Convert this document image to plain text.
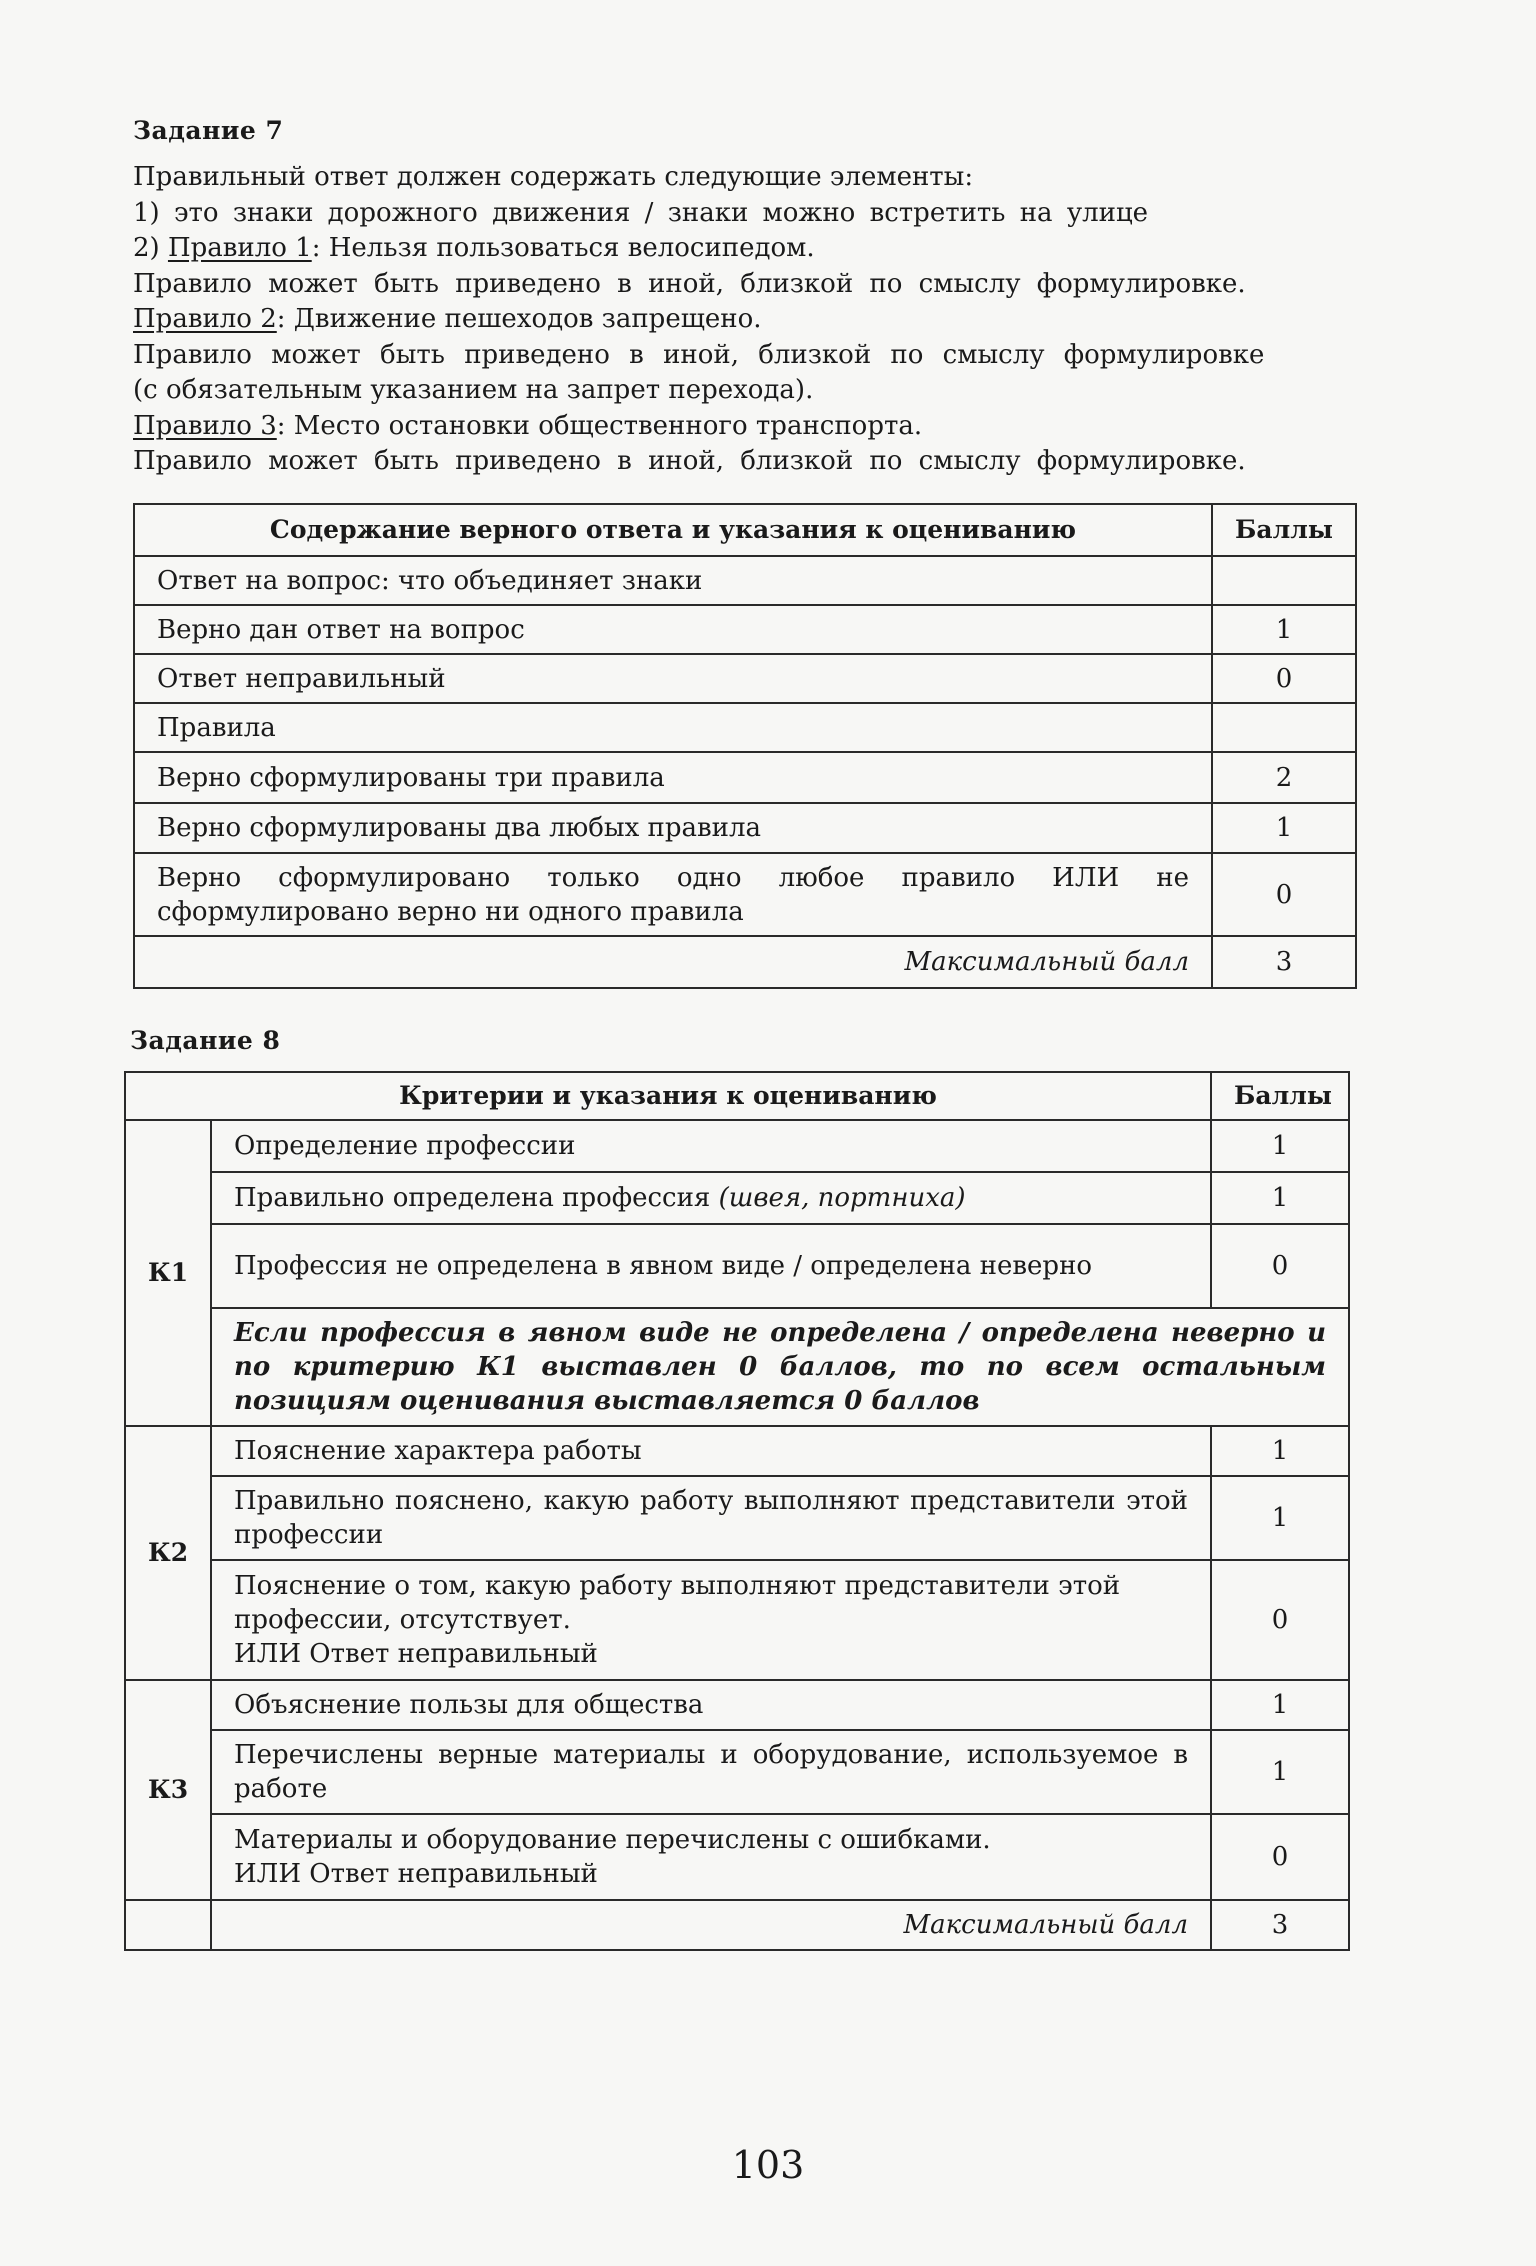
Задание 7
Правильный ответ должен содержать следующие элементы:
1) это знаки дорожного движения / знаки можно встретить на улице
2) Правило 1 : Нельзя пользоваться велосипедом.
Правило может быть приведено в иной, близкой по смыслу формулировке.
Правило 2 : Движение пешеходов запрещено.
Правило может быть приведено в иной, близкой по смыслу формулировке
(с обязательным указанием на запрет перехода).
Правило 3 : Место остановки общественного транспорта.
Правило может быть приведено в иной, близкой по смыслу формулировке.
Содержание верного ответа и указания к оцениванию	Баллы
Ответ на вопрос: что объединяет знаки	
Верно дан ответ на вопрос	1
Ответ неправильный	0
Правила	
Верно сформулированы три правила	2
Верно сформулированы два любых правила	1
Верно сформулировано только одно любое правило ИЛИ не сформулировано верно ни одного правила	0
Максимальный балл	3
Задание 8
Критерии и указания к оцениванию		Баллы
К1	Определение профессии	1
	Правильно определена профессия (швея, портниха)	1
	Профессия не определена в явном виде / определена неверно	0
	Если профессия в явном виде не определена / определена неверно и по критерию К1 выставлен 0 баллов, то по всем остальным позициям оценивания выставляется 0 баллов	
К2	Пояснение характера работы	1
	Правильно пояснено, какую работу выполняют представители этой профессии	1

	Пояснение о том, какую работу выполняют представители этой профессии, отсутствует.
ИЛИ Ответ неправильный	0
К3	Объяснение пользы для общества	1
	Перечислены верные материалы и оборудование, используемое в работе	1

	Материалы и оборудование перечислены с ошибками.
ИЛИ Ответ неправильный	0
	Максимальный балл	3
103
